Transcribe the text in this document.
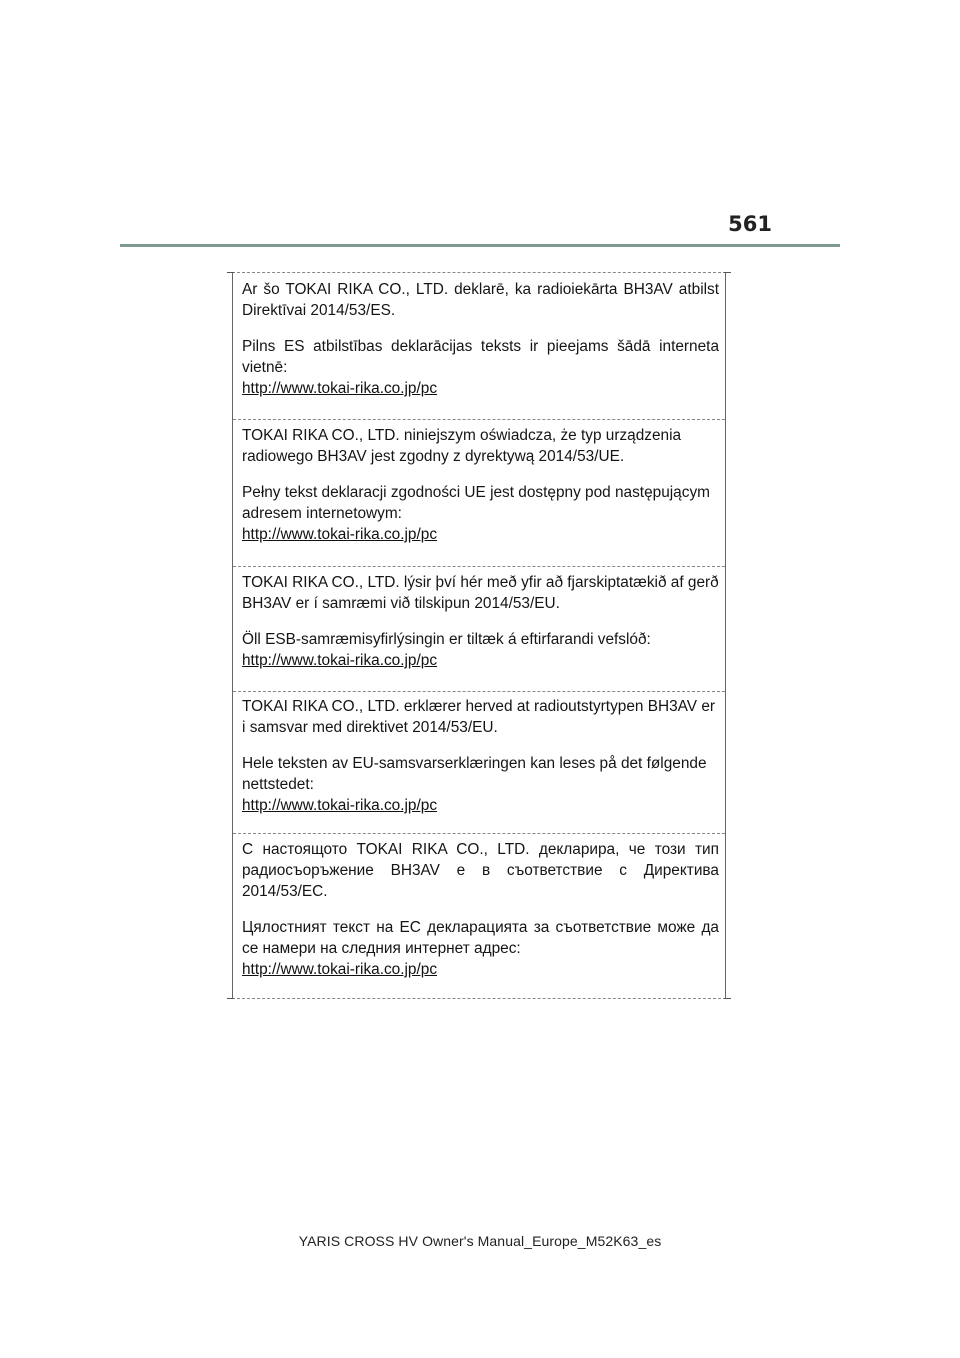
561

Ar šo TOKAI RIKA CO., LTD. deklarē, ka radioiekārta BH3AV atbilst
Direktīvai 2014/53/ES.

Pilns ES atbilstības deklarācijas teksts ir pieejams šādā interneta
vietnē:

http://www.tokai-rika.co.jp/pc

TOKAI RIKA CO., LTD. niniejszym oświadcza, że typ urządzenia
radiowego BH3AV jest zgodny z dyrektywą 2014/53/UE.

Pełny tekst deklaracji zgodności UE jest dostępny pod następującym
adresem internetowym:

http://www.tokai-rika.co.jp/pc

TOKAI RIKA CO., LTD. lýsir því hér með yfir að fjarskiptatækið af gerð
BH3AV er í samræmi við tilskipun 2014/53/EU.

Öll ESB-samræmisyfirlýsingin er tiltæk á eftirfarandi vefslóð:

http://www.tokai-rika.co.jp/pc

TOKAI RIKA CO., LTD. erklærer herved at radioutstyrtypen BH3AV er
i samsvar med direktivet 2014/53/EU.

Hele teksten av EU-samsvarserklæringen kan leses på det følgende
nettstedet:

http://www.tokai-rika.co.jp/pc

С настоящото TOKAI RIKA CO., LTD. декларира, че този тип
радиосъоръжение BH3AV е в съответствие с Директива
2014/53/ЕС.

Цялостният текст на ЕС декларацията за съответствие може да
се намери на следния интернет адрес:

http://www.tokai-rika.co.jp/pc

YARIS CROSS HV Owner's Manual_Europe_M52K63_es
